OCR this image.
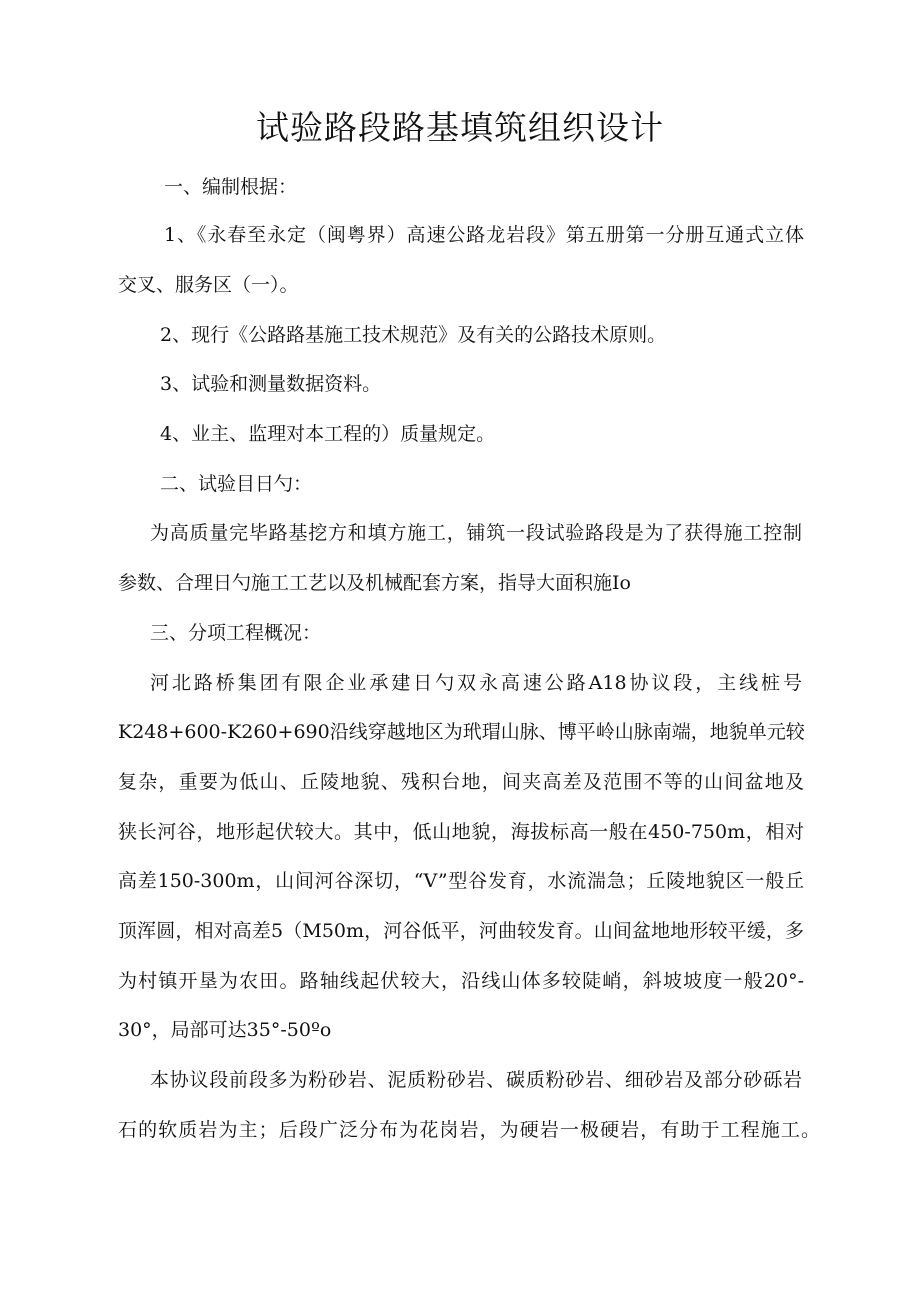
试验路段路基填筑组织设计
一、编制根据：
1、《永春至永定（闽粤界）高速公路龙岩段》第五册第一分册互通式立体
交叉、服务区（一）。
2、现行《公路路基施工技术规范》及有关的公路技术原则。
3、试验和测量数据资料。
4、业主、监理对本工程的）质量规定。
二、试验目日勺：
为高质量完毕路基挖方和填方施工，铺筑一段试验路段是为了获得施工控制
参数、合理日勺施工工艺以及机械配套方案，指导大面积施Io
三、分项工程概况：
河北路桥集团有限企业承建日勺双永高速公路A18协议段，主线桩号
K248+600-K260+690沿线穿越地区为玳瑁山脉、博平岭山脉南端，地貌单元较
复杂，重要为低山、丘陵地貌、残积台地，间夹高差及范围不等的山间盆地及
狭长河谷，地形起伏较大。其中，低山地貌，海拔标高一般在450-750m，相对
高差150-300m，山间河谷深切，“V”型谷发育，水流湍急；丘陵地貌区一般丘
顶浑圆，相对高差5（M50m，河谷低平，河曲较发育。山间盆地地形较平缓，多
为村镇开垦为农田。路轴线起伏较大，沿线山体多较陡峭，斜坡坡度一般20°-
30°，局部可达35°-50ºo
本协议段前段多为粉砂岩、泥质粉砂岩、碳质粉砂岩、细砂岩及部分砂砾岩
石的软质岩为主；后段广泛分布为花岗岩，为硬岩一极硬岩，有助于工程施工。
